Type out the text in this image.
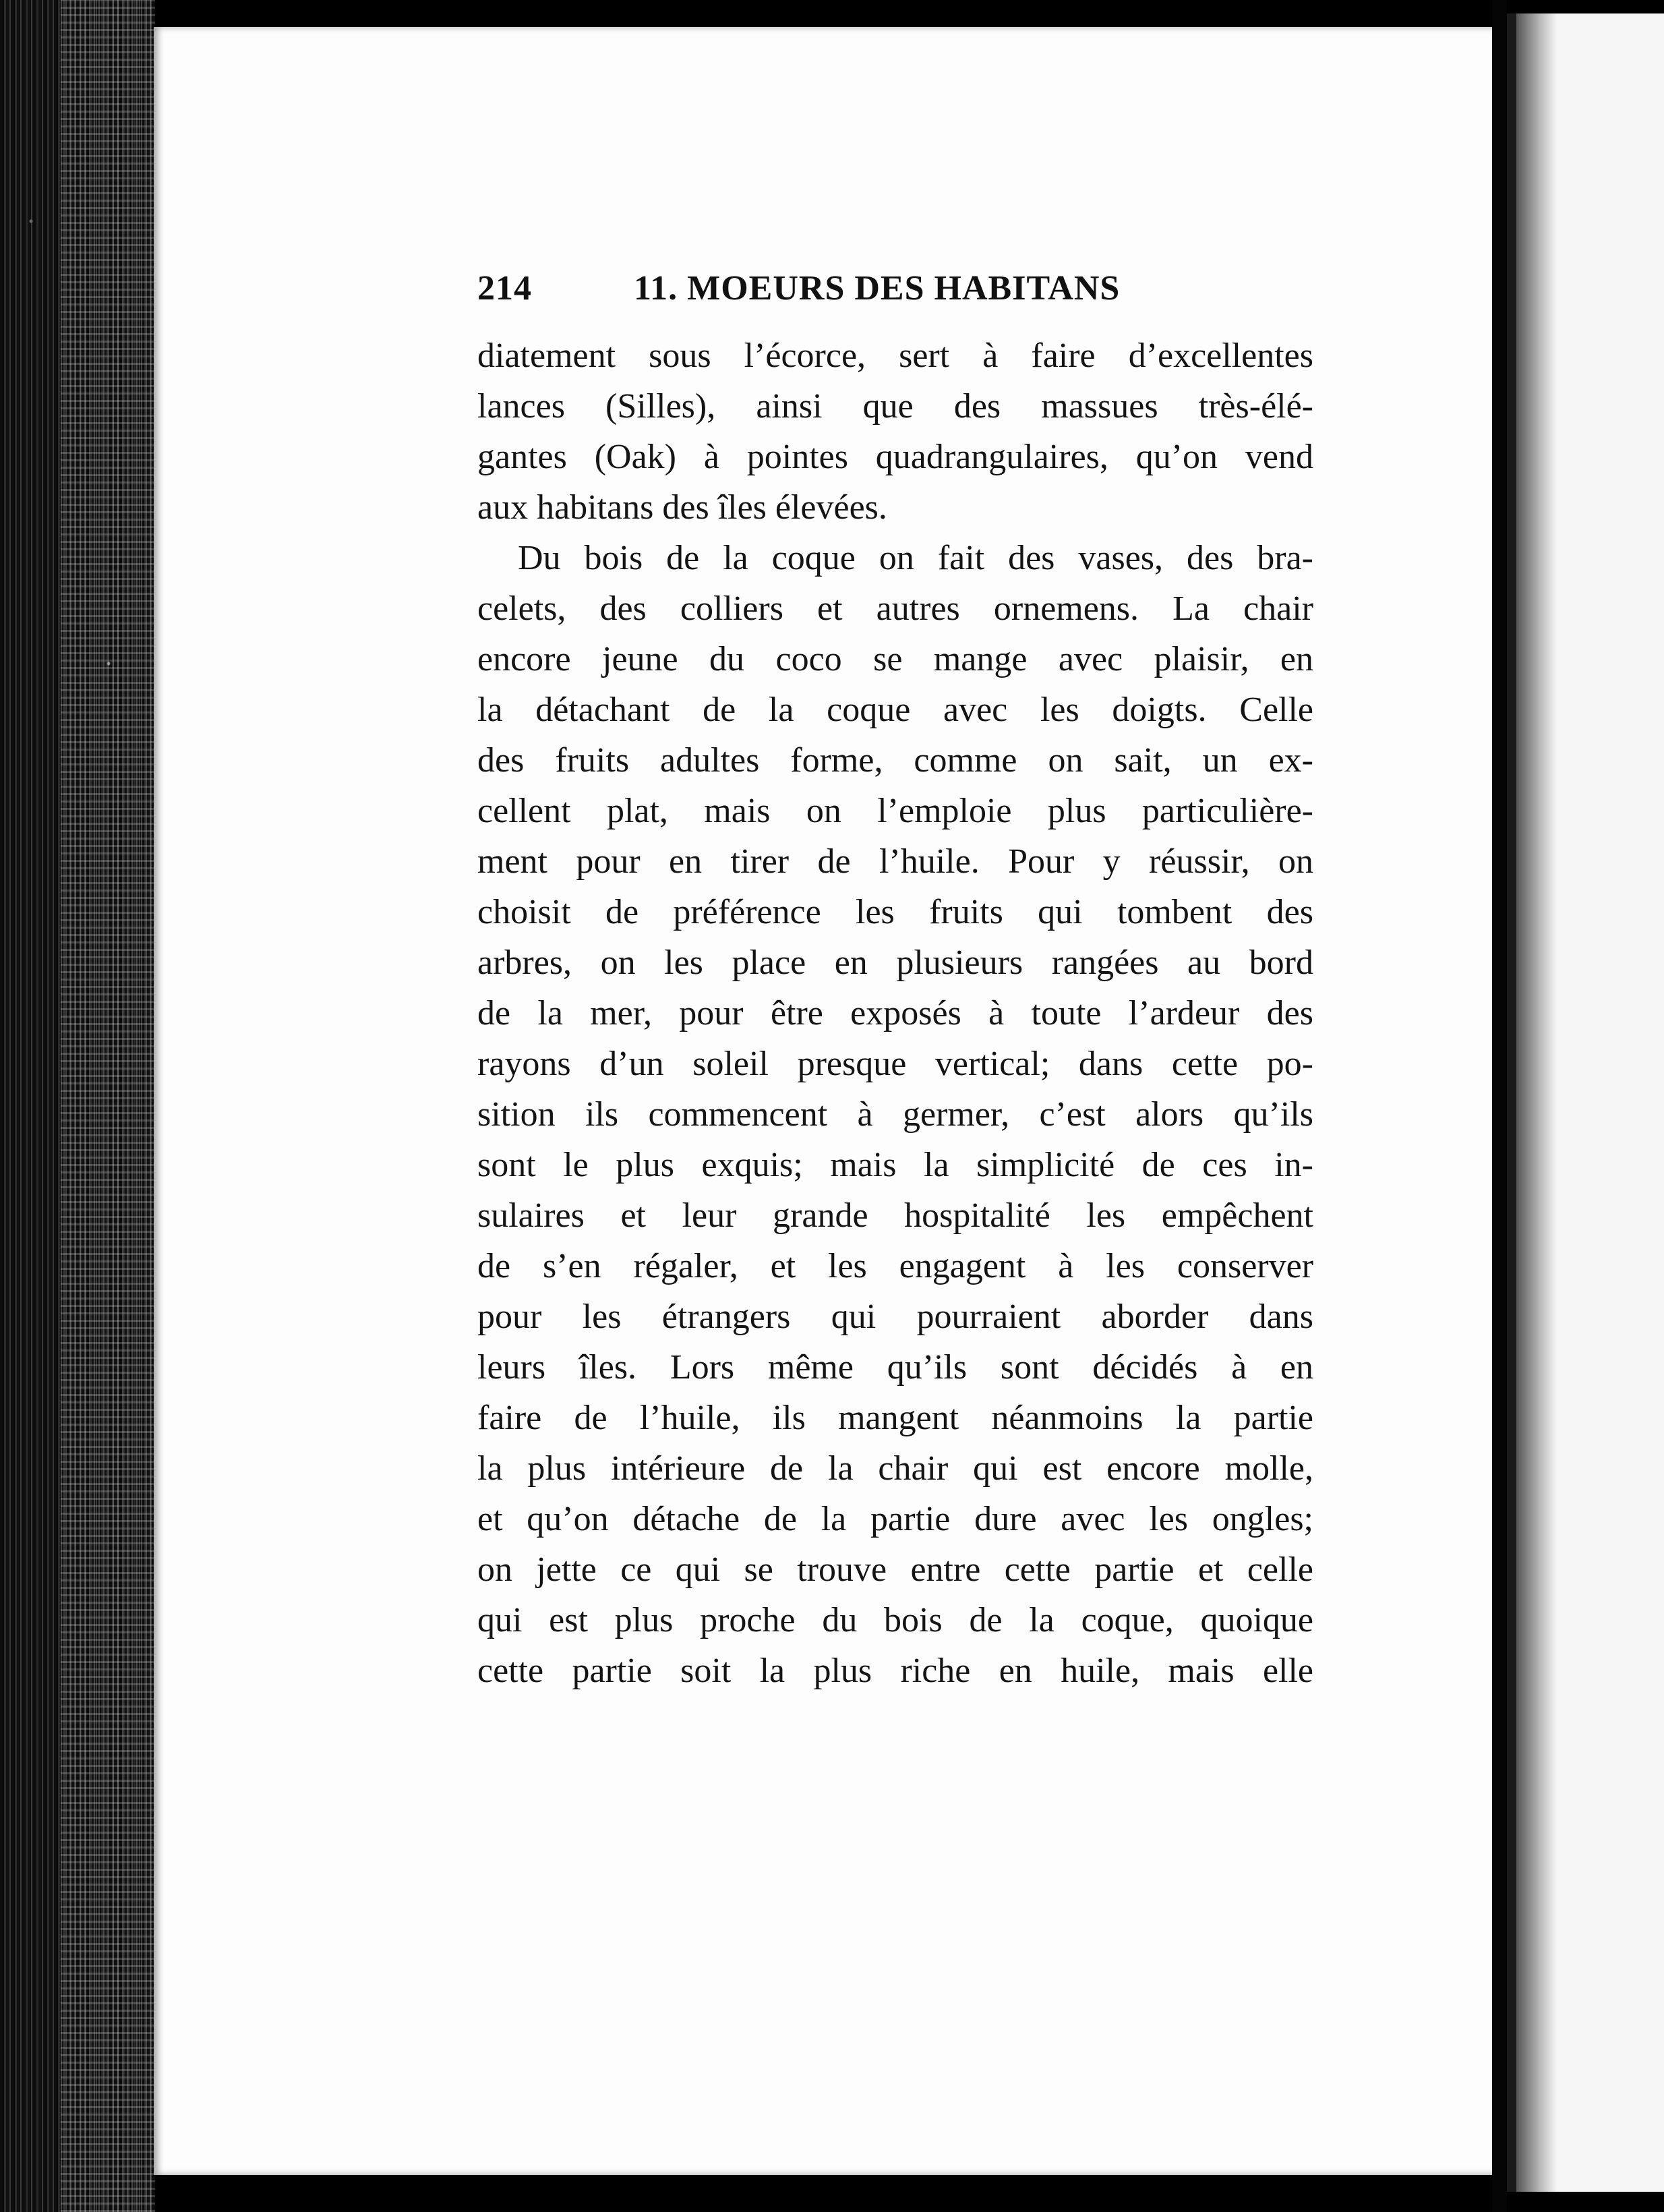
214	11. MOEURS DES HABITANS
diatement sous l’écorce, sert à faire d’excellentes
lances (Silles), ainsi que des massues très-élé-
gantes (Oak) à pointes quadrangulaires, qu’on vend
aux habitans des îles élevées.
Du bois de la coque on fait des vases, des bra-
celets, des colliers et autres ornemens. La chair
encore jeune du coco se mange avec plaisir, en
la détachant de la coque avec les doigts. Celle
des fruits adultes forme, comme on sait, un ex-
cellent plat, mais on l’emploie plus particulière-
ment pour en tirer de l’huile. Pour y réussir, on
choisit de préférence les fruits qui tombent des
arbres, on les place en plusieurs rangées au bord
de la mer, pour être exposés à toute l’ardeur des
rayons d’un soleil presque vertical; dans cette po-
sition ils commencent à germer, c’est alors qu’ils
sont le plus exquis; mais la simplicité de ces in-
sulaires et leur grande hospitalité les empêchent
de s’en régaler, et les engagent à les conserver
pour les étrangers qui pourraient aborder dans
leurs îles. Lors même qu’ils sont décidés à en
faire de l’huile, ils mangent néanmoins la partie
la plus intérieure de la chair qui est encore molle,
et qu’on détache de la partie dure avec les ongles;
on jette ce qui se trouve entre cette partie et celle
qui est plus proche du bois de la coque, quoique
cette partie soit la plus riche en huile, mais elle
